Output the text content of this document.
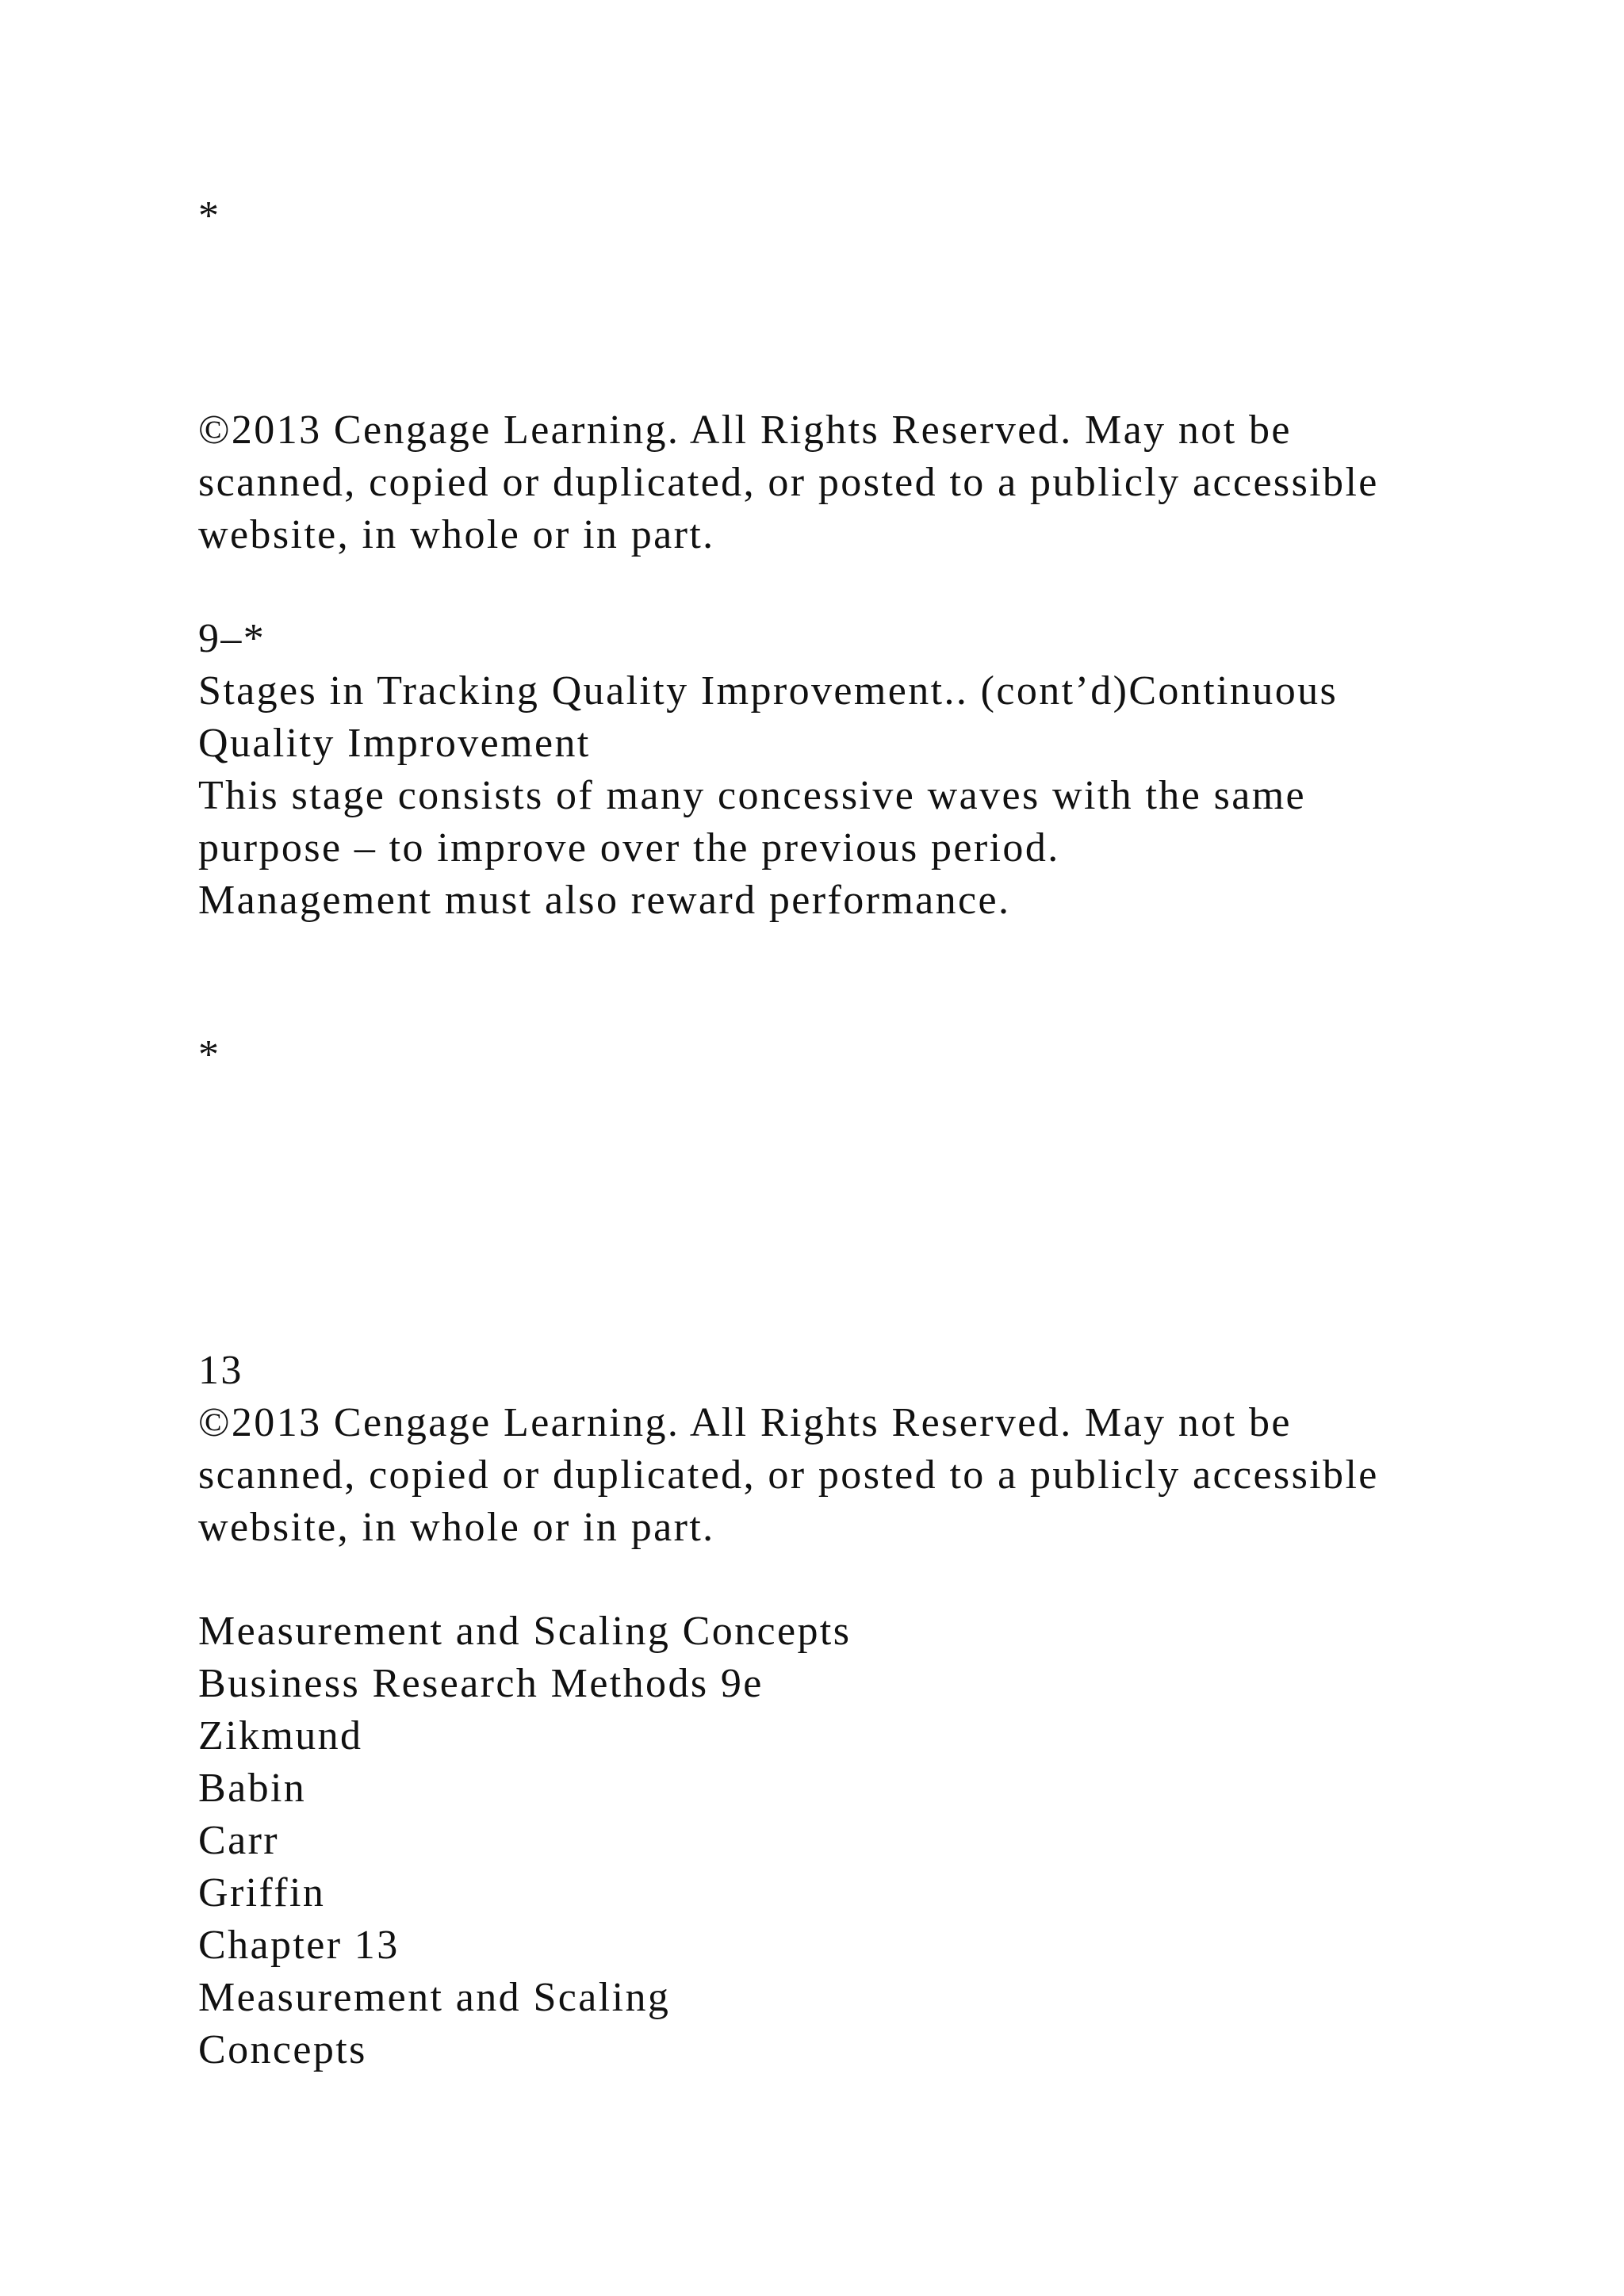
*

©2013 Cengage Learning. All Rights Reserved. May not be

scanned, copied or duplicated, or posted to a publicly accessible

website, in whole or in part.

9–*

Stages in Tracking Quality Improvement.. (cont’d)Continuous

Quality Improvement

This stage consists of many concessive waves with the same

purpose – to improve over the previous period.

Management must also reward performance.

*

13

©2013 Cengage Learning. All Rights Reserved. May not be

scanned, copied or duplicated, or posted to a publicly accessible

website, in whole or in part.

Measurement and Scaling Concepts

Business Research Methods 9e

Zikmund

Babin

Carr

Griffin

Chapter 13

Measurement and Scaling

Concepts
